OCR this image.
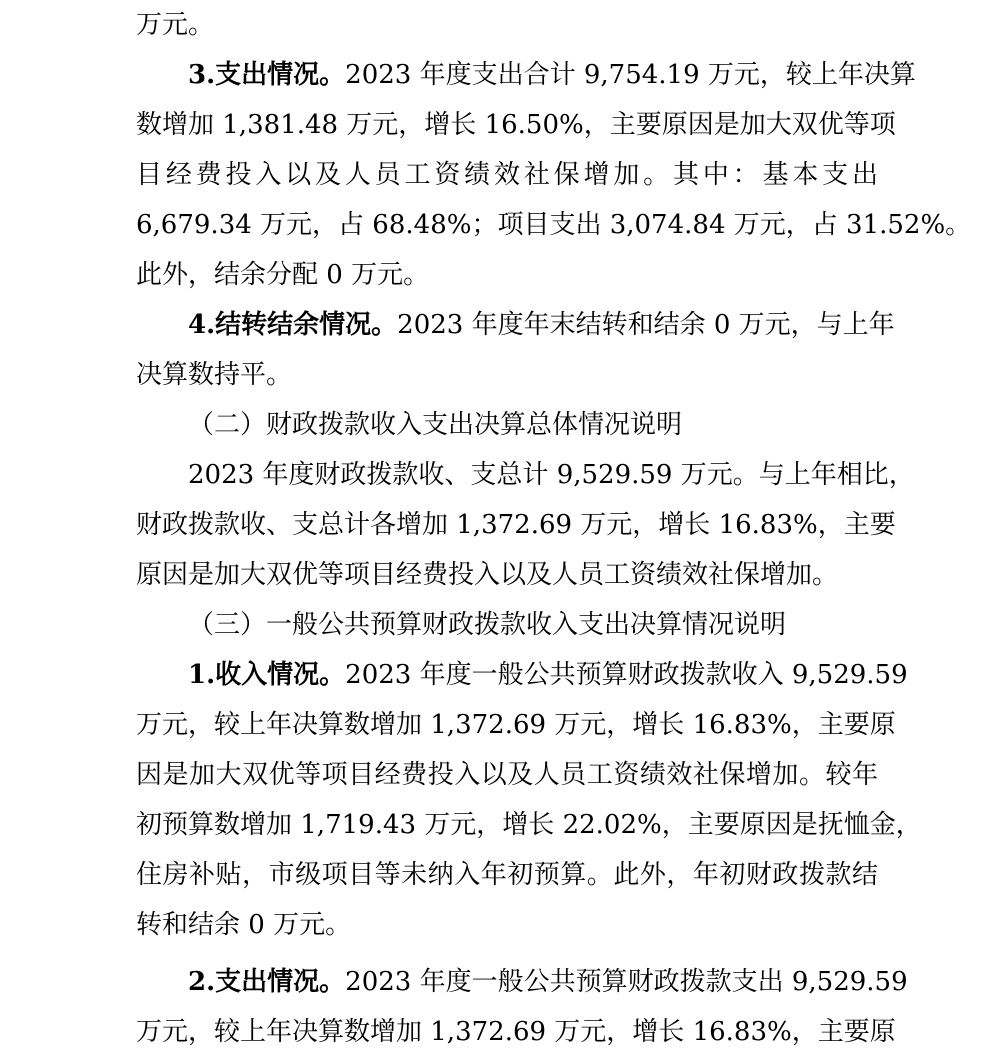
万元。
3.支出情况。2023 年度支出合计 9,754.19 万元，较上年决算
数增加 1,381.48 万元，增长 16.50%，主要原因是加大双优等项
目经费投入以及人员工资绩效社保增加。其中：基本支出
6,679.34 万元，占 68.48%；项目支出 3,074.84 万元，占 31.52%。
此外，结余分配 0 万元。
4.结转结余情况。2023 年度年末结转和结余 0 万元，与上年
决算数持平。
（二）财政拨款收入支出决算总体情况说明
2023 年度财政拨款收、支总计 9,529.59 万元。与上年相比，
财政拨款收、支总计各增加 1,372.69 万元，增长 16.83%，主要
原因是加大双优等项目经费投入以及人员工资绩效社保增加。
（三）一般公共预算财政拨款收入支出决算情况说明
1.收入情况。2023 年度一般公共预算财政拨款收入 9,529.59
万元，较上年决算数增加 1,372.69 万元，增长 16.83%，主要原
因是加大双优等项目经费投入以及人员工资绩效社保增加。较年
初预算数增加 1,719.43 万元，增长 22.02%，主要原因是抚恤金，
住房补贴，市级项目等未纳入年初预算。此外，年初财政拨款结
转和结余 0 万元。
2.支出情况。2023 年度一般公共预算财政拨款支出 9,529.59
万元，较上年决算数增加 1,372.69 万元，增长 16.83%，主要原
